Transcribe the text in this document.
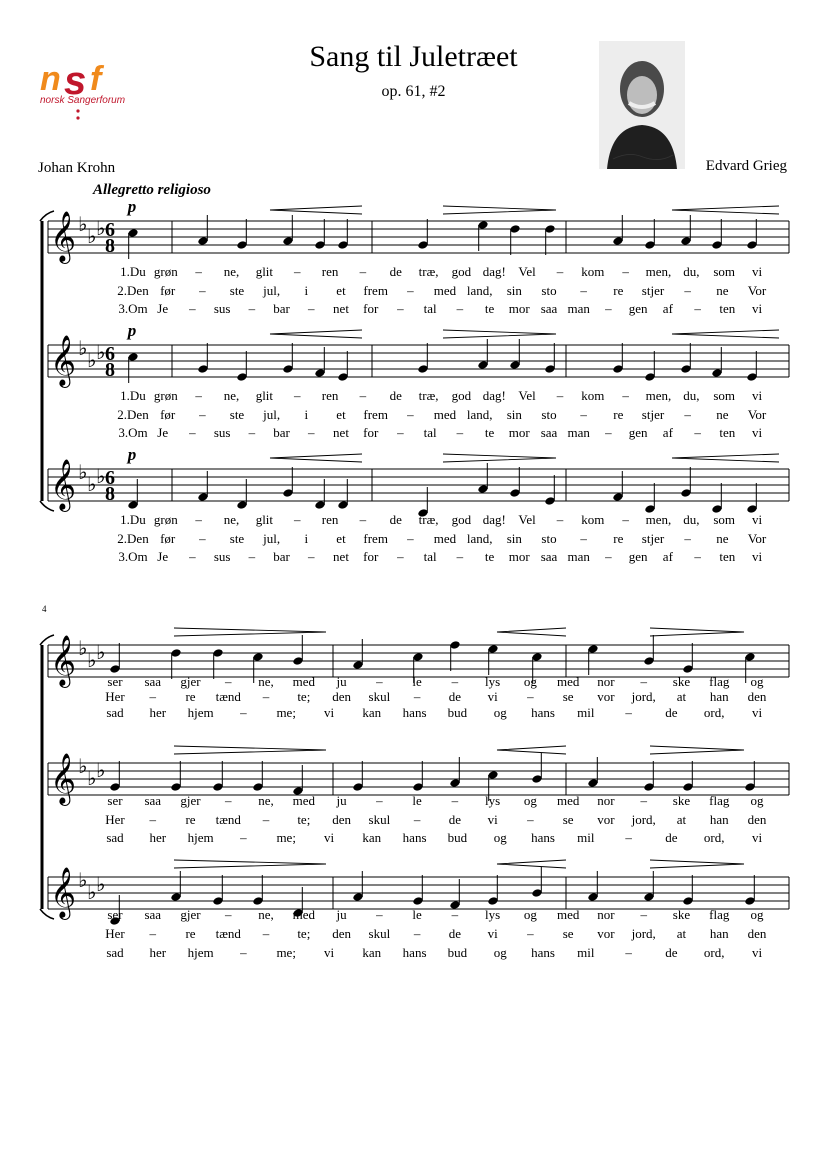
Sang til Juletræet
op. 61, #2
Johan Krohn	Edvard Grieg
Allegretto religioso
n s f
norsk Sangerforum
𝄞 ♭ ♭ ♭ 6
8
𝄞 ♭ ♭ ♭ 6
8
𝄞 ♭ ♭ ♭ 6
8
𝄞 ♭ ♭ ♭
𝄞 ♭ ♭ ♭
𝄞 ♭ ♭ ♭
4
p
p
p
1.Du grøn – ne, glit – ren – de træ, god dag! Vel – kom – men, du, som vi
2.Den før – ste jul, i et frem – med land, sin sto – re stjer – ne Vor
3.Om Je – sus – bar – net for – tal – te mor saa man – gen af – ten vi
1.Du grøn – ne, glit – ren – de træ, god dag! Vel – kom – men, du, som vi
2.Den før – ste jul, i et frem – med land, sin sto – re stjer – ne Vor
3.Om Je – sus – bar – net for – tal – te mor saa man – gen af – ten vi
1.Du grøn – ne, glit – ren – de træ, god dag! Vel – kom – men, du, som vi
2.Den før – ste jul, i et frem – med land, sin sto – re stjer – ne Vor
3.Om Je – sus – bar – net for – tal – te mor saa man – gen af – ten vi
ser saa gjer – ne, med ju – le – lys og med nor – ske flag og
Her – re tænd – te; den skul – de vi – se vor jord, at han den
sad her hjem – me; vi kan hans bud og hans mil –	de ord, vi
ser saa gjer – ne, med ju – le – lys og med nor – ske flag og
Her – re tænd – te; den skul – de vi – se vor jord, at han den
sad her hjem – me; vi kan hans bud og hans mil –	de ord, vi
ser saa gjer – ne, med ju – le – lys og med nor – ske flag og
Her – re tænd – te; den skul – de vi – se vor jord, at han den
sad her hjem – me; vi kan hans bud og hans mil –	de ord, vi
